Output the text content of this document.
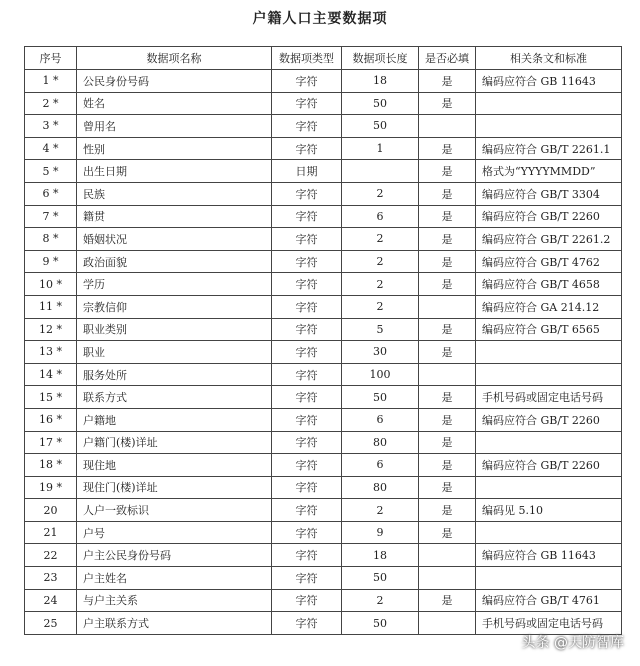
户籍人口主要数据项
序号	数据项名称	数据项类型	数据项长度	是否必填	相关条文和标准
1 *	公民身份号码	字符	18	是	编码应符合 GB 11643
2 *	姓名	字符	50	是	
3 *	曾用名	字符	50		
4 *	性别	字符	1	是	编码应符合 GB/T 2261.1
5 *	出生日期	日期		是	格式为“YYYYMMDD”
6 *	民族	字符	2	是	编码应符合 GB/T 3304
7 *	籍贯	字符	6	是	编码应符合 GB/T 2260
8 *	婚姻状况	字符	2	是	编码应符合 GB/T 2261.2
9 *	政治面貌	字符	2	是	编码应符合 GB/T 4762
10 *	学历	字符	2	是	编码应符合 GB/T 4658
11 *	宗教信仰	字符	2		编码应符合 GA 214.12
12 *	职业类别	字符	5	是	编码应符合 GB/T 6565
13 *	职业	字符	30	是	
14 *	服务处所	字符	100		
15 *	联系方式	字符	50	是	手机号码或固定电话号码
16 *	户籍地	字符	6	是	编码应符合 GB/T 2260
17 *	户籍门(楼)详址	字符	80	是	
18 *	现住地	字符	6	是	编码应符合 GB/T 2260
19 *	现住门(楼)详址	字符	80	是	
20	人户一致标识	字符	2	是	编码见 5.10
21	户号	字符	9	是	
22	户主公民身份号码	字符	18		编码应符合 GB 11643
23	户主姓名	字符	50		
24	与户主关系	字符	2	是	编码应符合 GB/T 4761
25	户主联系方式	字符	50		手机号码或固定电话号码
头条 @天防智库
